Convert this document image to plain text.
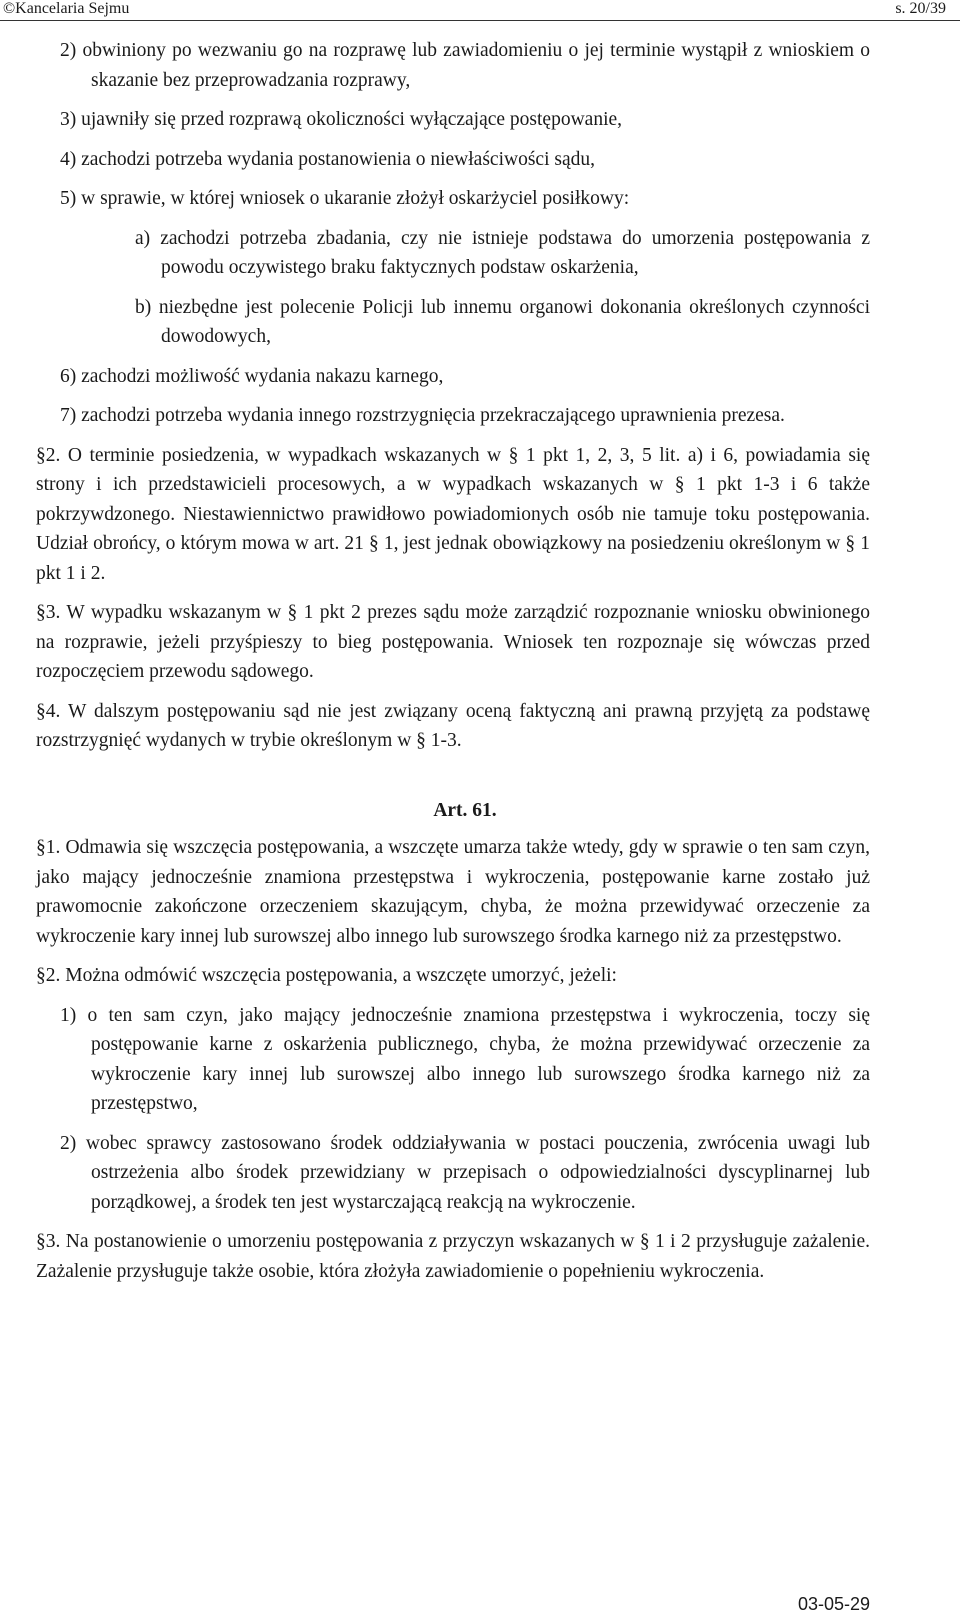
©Kancelaria Sejmu	s. 20/39

2) obwiniony po wezwaniu go na rozprawę lub zawiadomieniu o jej terminie wystąpił z wnioskiem o skazanie bez przeprowadzania rozprawy,

3) ujawniły się przed rozprawą okoliczności wyłączające postępowanie,

4) zachodzi potrzeba wydania postanowienia o niewłaściwości sądu,

5) w sprawie, w której wniosek o ukaranie złożył oskarżyciel posiłkowy:

a) zachodzi potrzeba zbadania, czy nie istnieje podstawa do umorzenia postępowania z powodu oczywistego braku faktycznych podstaw oskarżenia,

b) niezbędne jest polecenie Policji lub innemu organowi dokonania określonych czynności dowodowych,

6) zachodzi możliwość wydania nakazu karnego,

7) zachodzi potrzeba wydania innego rozstrzygnięcia przekraczającego uprawnienia prezesa.

§2. O terminie posiedzenia, w wypadkach wskazanych w § 1 pkt 1, 2, 3, 5 lit. a) i 6, powiadamia się strony i ich przedstawicieli procesowych, a w wypadkach wskazanych w § 1 pkt 1-3 i 6 także pokrzywdzonego. Niestawiennictwo prawidłowo powiadomionych osób nie tamuje toku postępowania. Udział obrońcy, o którym mowa w art. 21 § 1, jest jednak obowiązkowy na posiedzeniu określonym w § 1 pkt 1 i 2.

§3. W wypadku wskazanym w § 1 pkt 2 prezes sądu może zarządzić rozpoznanie wniosku obwinionego na rozprawie, jeżeli przyśpieszy to bieg postępowania. Wniosek ten rozpoznaje się wówczas przed rozpoczęciem przewodu sądowego.

§4. W dalszym postępowaniu sąd nie jest związany oceną faktyczną ani prawną przyjętą za podstawę rozstrzygnięć wydanych w trybie określonym w § 1-3.

Art. 61.

§1. Odmawia się wszczęcia postępowania, a wszczęte umarza także wtedy, gdy w sprawie o ten sam czyn, jako mający jednocześnie znamiona przestępstwa i wykroczenia, postępowanie karne zostało już prawomocnie zakończone orzeczeniem skazującym, chyba, że można przewidywać orzeczenie za wykroczenie kary innej lub surowszej albo innego lub surowszego środka karnego niż za przestępstwo.

§2. Można odmówić wszczęcia postępowania, a wszczęte umorzyć, jeżeli:

1) o ten sam czyn, jako mający jednocześnie znamiona przestępstwa i wykroczenia, toczy się postępowanie karne z oskarżenia publicznego, chyba, że można przewidywać orzeczenie za wykroczenie kary innej lub surowszej albo innego lub surowszego środka karnego niż za przestępstwo,

2) wobec sprawcy zastosowano środek oddziaływania w postaci pouczenia, zwrócenia uwagi lub ostrzeżenia albo środek przewidziany w przepisach o odpowiedzialności dyscyplinarnej lub porządkowej, a środek ten jest wystarczającą reakcją na wykroczenie.

§3. Na postanowienie o umorzeniu postępowania z przyczyn wskazanych w § 1 i 2 przysługuje zażalenie. Zażalenie przysługuje także osobie, która złożyła zawiadomienie o popełnieniu wykroczenia.

03-05-29
